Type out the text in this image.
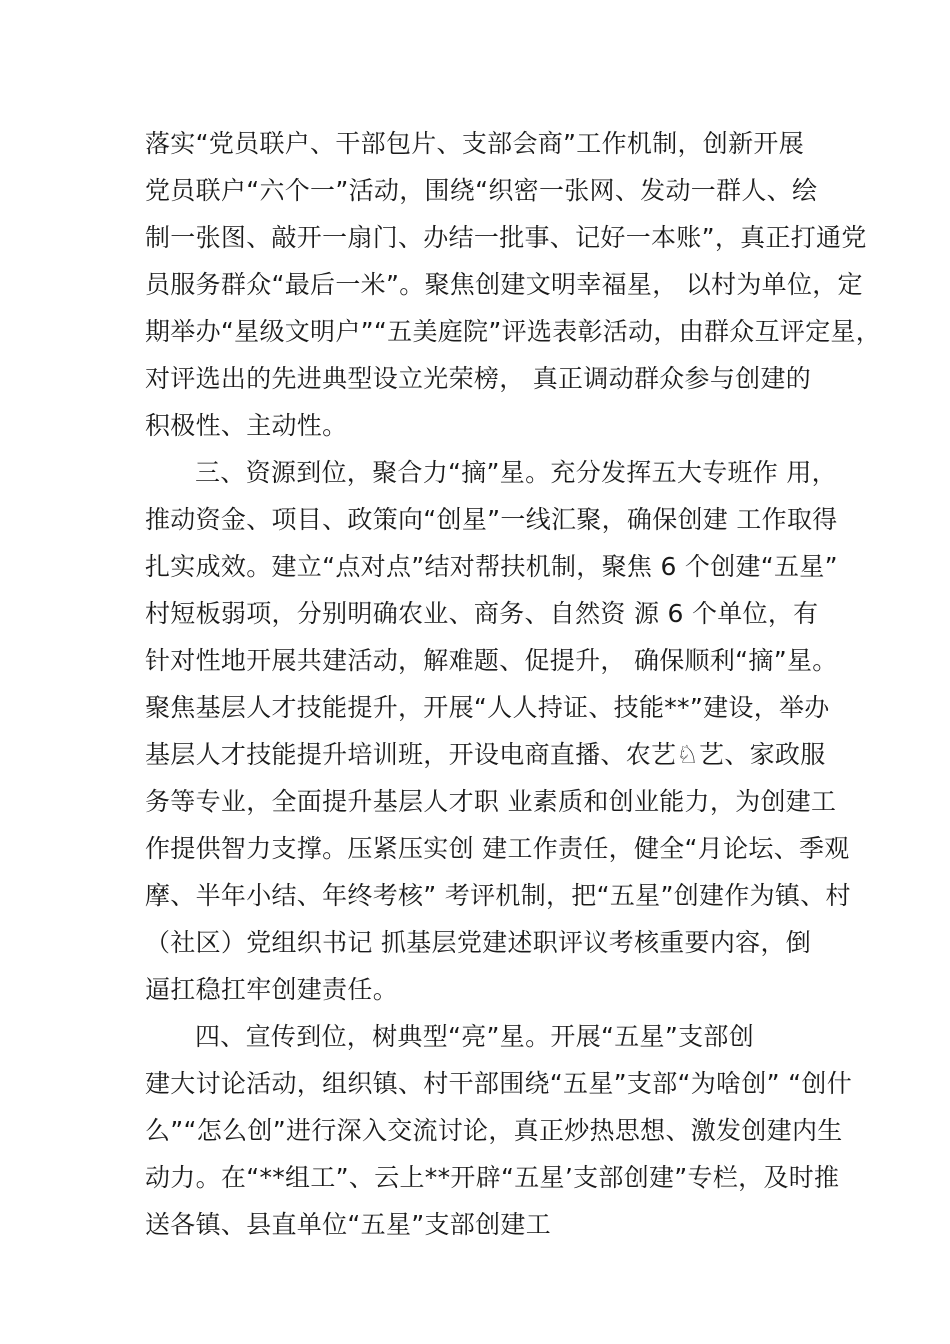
落实“党员联户、干部包片、支部会商”工作机制，创新开展
党员联户“六个一”活动，围绕“织密一张网、发动一群人、绘
制一张图、敲开一扇门、办结一批事、记好一本账”，真正打通党
员服务群众“最后一米”。聚焦创建文明幸福星， 以村为单位，定
期举办“星级文明户”“五美庭院”评选表彰活动，由群众互评定星，
对评选出的先进典型设立光荣榜， 真正调动群众参与创建的
积极性、主动性。
三、资源到位，聚合力“摘”星。充分发挥五大专班作 用，
推动资金、项目、政策向“创星”一线汇聚，确保创建 工作取得
扎实成效。建立“点对点”结对帮扶机制，聚焦 6 个创建“五星”
村短板弱项，分别明确农业、商务、自然资 源 6 个单位，有
针对性地开展共建活动，解难题、促提升， 确保顺利“摘”星。
聚焦基层人才技能提升，开展“人人持证、技能**”建设，举办
基层人才技能提升培训班，开设电商直播、农艺♘艺、家政服
务等专业，全面提升基层人才职 业素质和创业能力，为创建工
作提供智力支撑。压紧压实创 建工作责任，健全“月论坛、季观
摩、半年小结、年终考核” 考评机制，把“五星”创建作为镇、村
（社区）党组织书记 抓基层党建述职评议考核重要内容，倒
逼扛稳扛牢创建责任。
四、宣传到位，树典型“亮”星。开展“五星”支部创
建大讨论活动，组织镇、村干部围绕“五星”支部“为啥创” “创什
么”“怎么创”进行深入交流讨论，真正炒热思想、激发创建内生
动力。在“**组工”、云上**开辟“五星’支部创建”专栏，及时推
送各镇、县直单位“五星”支部创建工
